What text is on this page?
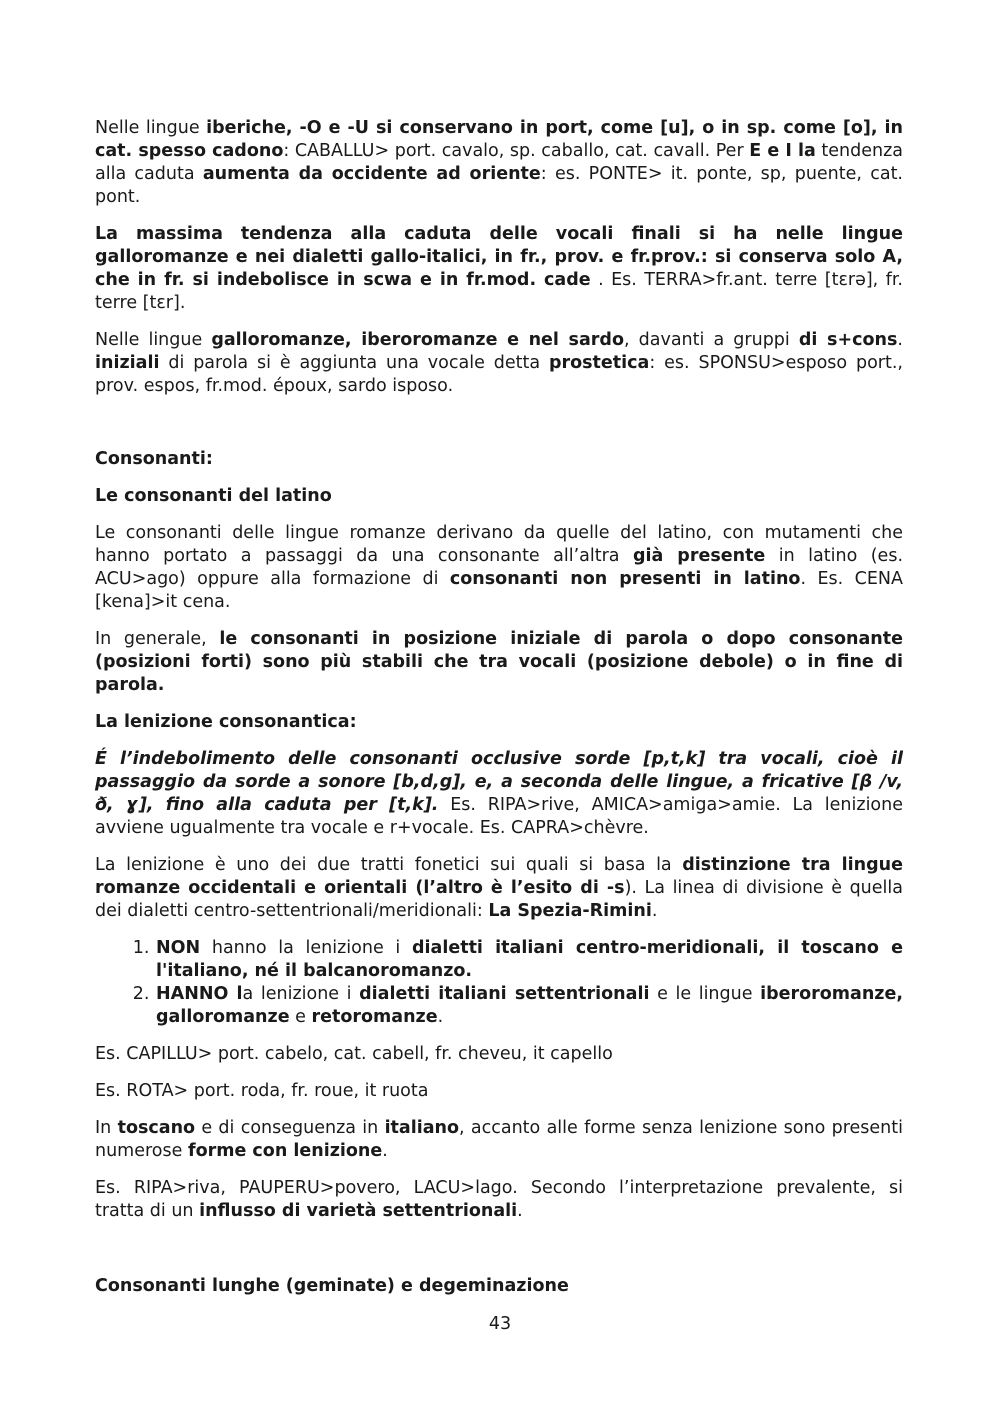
Nelle lingue iberiche, -O e -U si conservano in port, come [u], o in sp. come [o], in cat. spesso cadono: CABALLU> port. cavalo, sp. caballo, cat. cavall. Per E e I la tendenza alla caduta aumenta da occidente ad oriente: es. PONTE> it. ponte, sp, puente, cat. pont.

La massima tendenza alla caduta delle vocali finali si ha nelle lingue galloromanze e nei dialetti gallo-italici, in fr., prov. e fr.prov.: si conserva solo A, che in fr. si indebolisce in scwa e in fr.mod. cade . Es. TERRA>fr.ant. terre [tɛrə], fr. terre [tɛr].

Nelle lingue galloromanze, iberoromanze e nel sardo, davanti a gruppi di s+cons. iniziali di parola si è aggiunta una vocale detta prostetica: es. SPONSU>esposo port., prov. espos, fr.mod. époux, sardo isposo.

Consonanti:

Le consonanti del latino

Le consonanti delle lingue romanze derivano da quelle del latino, con mutamenti che hanno portato a passaggi da una consonante all’altra già presente in latino (es. ACU>ago) oppure alla formazione di consonanti non presenti in latino. Es. CENA [kena]>it cena.

In generale, le consonanti in posizione iniziale di parola o dopo consonante (posizioni forti) sono più stabili che tra vocali (posizione debole) o in fine di parola.

La lenizione consonantica:

É l’indebolimento delle consonanti occlusive sorde [p,t,k] tra vocali, cioè il passaggio da sorde a sonore [b,d,g], e, a seconda delle lingue, a fricative [β /v, ð, ɣ], fino alla caduta per [t,k]. Es. RIPA>rive, AMICA>amiga>amie. La lenizione avviene ugualmente tra vocale e r+vocale. Es. CAPRA>chèvre.

La lenizione è uno dei due tratti fonetici sui quali si basa la distinzione tra lingue romanze occidentali e orientali (l’altro è l’esito di -s). La linea di divisione è quella dei dialetti centro-settentrionali/meridionali: La Spezia-Rimini.

1. NON hanno la lenizione i dialetti italiani centro-meridionali, il toscano e l'italiano, né il balcanoromanzo.
2. HANNO la lenizione i dialetti italiani settentrionali e le lingue iberoromanze, galloromanze e retoromanze.

Es. CAPILLU> port. cabelo, cat. cabell, fr. cheveu, it capello

Es. ROTA> port. roda, fr. roue, it ruota

In toscano e di conseguenza in italiano, accanto alle forme senza lenizione sono presenti numerose forme con lenizione.

Es. RIPA>riva, PAUPERU>povero, LACU>lago. Secondo l’interpretazione prevalente, si tratta di un influsso di varietà settentrionali.

Consonanti lunghe (geminate) e degeminazione

43
